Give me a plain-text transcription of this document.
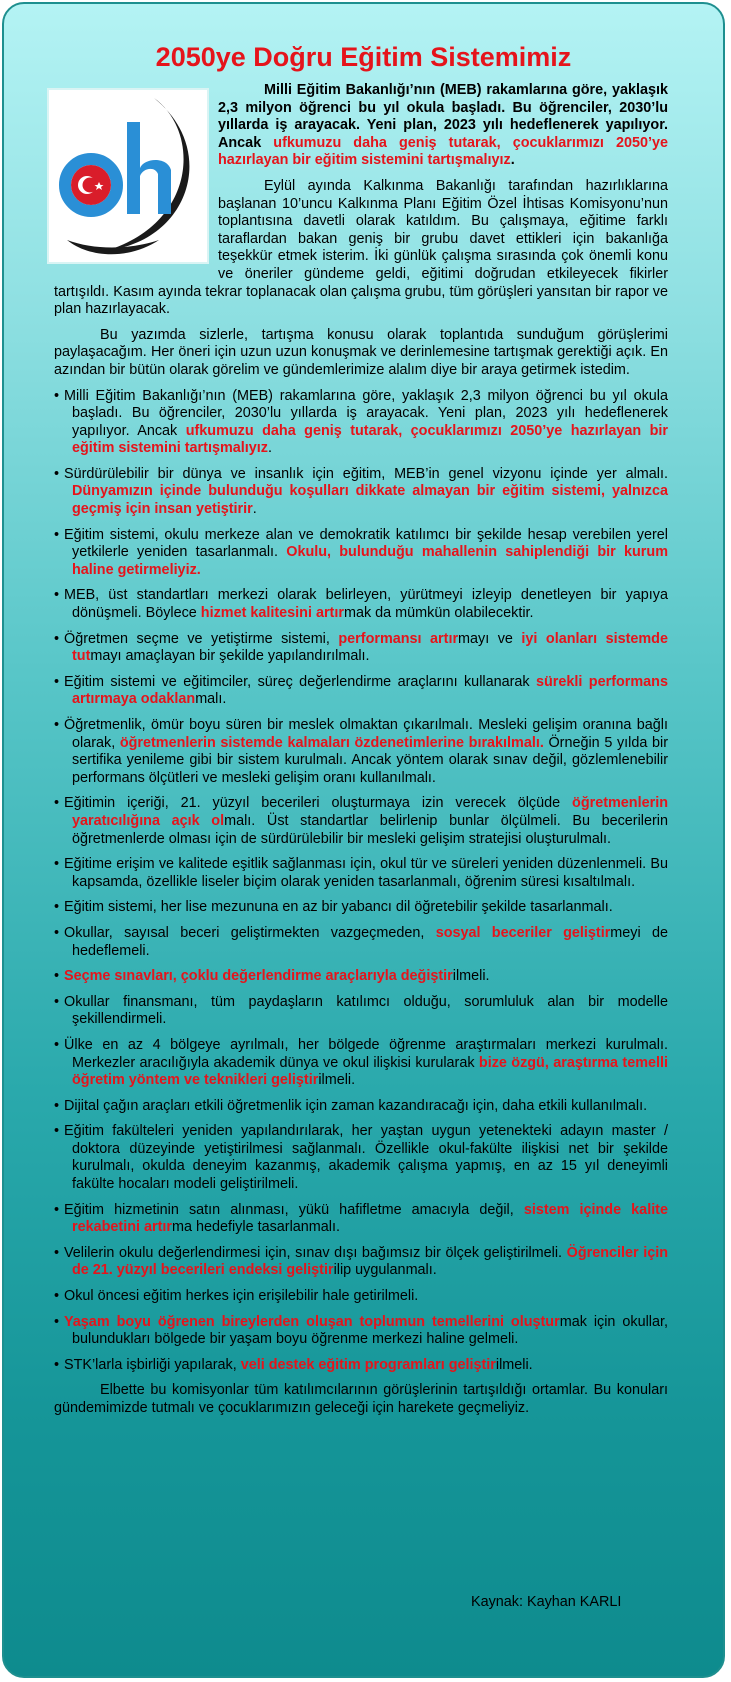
2050ye Doğru Eğitim Sistemimiz

Milli Eğitim Bakanlığı’nın (MEB) rakamlarına göre, yaklaşık 2,3 milyon öğrenci bu yıl okula başladı. Bu öğrenciler, 2030’lu yıllarda iş arayacak. Yeni plan, 2023 yılı hedeflenerek yapılıyor. Ancak ufkumuzu daha geniş tutarak, çocuklarımızı 2050’ye hazırlayan bir eğitim sistemini tartışmalıyız.

Eylül ayında Kalkınma Bakanlığı tarafından hazırlıklarına başlanan 10’uncu Kalkınma Planı Eğitim Özel İhtisas Komisyonu’nun toplantısına davetli olarak katıldım. Bu çalışmaya, eğitime farklı taraflardan bakan geniş bir grubu davet ettikleri için bakanlığa teşekkür etmek isterim. İki günlük çalışma sırasında çok önemli konu ve öneriler gündeme geldi, eğitimi doğrudan etkileyecek fikirler tartışıldı. Kasım ayında tekrar toplanacak olan çalışma grubu, tüm görüşleri yansıtan bir rapor ve plan hazırlayacak.

Bu yazımda sizlerle, tartışma konusu olarak toplantıda sunduğum görüşlerimi paylaşacağım. Her öneri için uzun uzun konuşmak ve derinlemesine tartışmak gerektiği açık. En azından bir bütün olarak görelim ve gündemlerimize alalım diye bir araya getirmek istedim.

• Milli Eğitim Bakanlığı’nın (MEB) rakamlarına göre, yaklaşık 2,3 milyon öğrenci bu yıl okula başladı. Bu öğrenciler, 2030’lu yıllarda iş arayacak. Yeni plan, 2023 yılı hedeflenerek yapılıyor. Ancak ufkumuzu daha geniş tutarak, çocuklarımızı 2050’ye hazırlayan bir eğitim sistemini tartışmalıyız.
• Sürdürülebilir bir dünya ve insanlık için eğitim, MEB’in genel vizyonu içinde yer almalı. Dünyamızın içinde bulunduğu koşulları dikkate almayan bir eğitim sistemi, yalnızca geçmiş için insan yetiştirir.
• Eğitim sistemi, okulu merkeze alan ve demokratik katılımcı bir şekilde hesap verebilen yerel yetkilerle yeniden tasarlanmalı. Okulu, bulunduğu mahallenin sahiplendiği bir kurum haline getirmeliyiz.
• MEB, üst standartları merkezi olarak belirleyen, yürütmeyi izleyip denetleyen bir yapıya dönüşmeli. Böylece hizmet kalitesini artırmak da mümkün olabilecektir.
• Öğretmen seçme ve yetiştirme sistemi, performansı artırmayı ve iyi olanları sistemde tutmayı amaçlayan bir şekilde yapılandırılmalı.
• Eğitim sistemi ve eğitimciler, süreç değerlendirme araçlarını kullanarak sürekli performans artırmaya odaklanmalı.
• Öğretmenlik, ömür boyu süren bir meslek olmaktan çıkarılmalı. Mesleki gelişim oranına bağlı olarak, öğretmenlerin sistemde kalmaları özdenetimlerine bırakılmalı. Örneğin 5 yılda bir sertifika yenileme gibi bir sistem kurulmalı. Ancak yöntem olarak sınav değil, gözlemlenebilir performans ölçütleri ve mesleki gelişim oranı kullanılmalı.
• Eğitimin içeriği, 21. yüzyıl becerileri oluşturmaya izin verecek ölçüde öğretmenlerin yaratıcılığına açık olmalı. Üst standartlar belirlenip bunlar ölçülmeli. Bu becerilerin öğretmenlerde olması için de sürdürülebilir bir mesleki gelişim stratejisi oluşturulmalı.
• Eğitime erişim ve kalitede eşitlik sağlanması için, okul tür ve süreleri yeniden düzenlenmeli. Bu kapsamda, özellikle liseler biçim olarak yeniden tasarlanmalı, öğrenim süresi kısaltılmalı.
• Eğitim sistemi, her lise mezununa en az bir yabancı dil öğretebilir şekilde tasarlanmalı.
• Okullar, sayısal beceri geliştirmekten vazgeçmeden, sosyal beceriler geliştirmeyi de hedeflemeli.
• Seçme sınavları, çoklu değerlendirme araçlarıyla değiştirilmeli.
• Okullar finansmanı, tüm paydaşların katılımcı olduğu, sorumluluk alan bir modelle şekillendirmeli.
• Ülke en az 4 bölgeye ayrılmalı, her bölgede öğrenme araştırmaları merkezi kurulmalı. Merkezler aracılığıyla akademik dünya ve okul ilişkisi kurularak bize özgü, araştırma temelli öğretim yöntem ve teknikleri geliştirilmeli.
• Dijital çağın araçları etkili öğretmenlik için zaman kazandıracağı için, daha etkili kullanılmalı.
• Eğitim fakülteleri yeniden yapılandırılarak, her yaştan uygun yetenekteki adayın master / doktora düzeyinde yetiştirilmesi sağlanmalı. Özellikle okul-fakülte ilişkisi net bir şekilde kurulmalı, okulda deneyim kazanmış, akademik çalışma yapmış, en az 15 yıl deneyimli fakülte hocaları modeli geliştirilmeli.
• Eğitim hizmetinin satın alınması, yükü hafifletme amacıyla değil, sistem içinde kalite rekabetini artırma hedefiyle tasarlanmalı.
• Velilerin okulu değerlendirmesi için, sınav dışı bağımsız bir ölçek geliştirilmeli. Öğrenciler için de 21. yüzyıl becerileri endeksi geliştirilip uygulanmalı.
• Okul öncesi eğitim herkes için erişilebilir hale getirilmeli.
• Yaşam boyu öğrenen bireylerden oluşan toplumun temellerini oluşturmak için okullar, bulundukları bölgede bir yaşam boyu öğrenme merkezi haline gelmeli.
• STK’larla işbirliği yapılarak, veli destek eğitim programları geliştirilmeli.

Elbette bu komisyonlar tüm katılımcılarının görüşlerinin tartışıldığı ortamlar. Bu konuları gündemimizde tutmalı ve çocuklarımızın geleceği için harekete geçmeliyiz.

Kaynak: Kayhan KARLI
